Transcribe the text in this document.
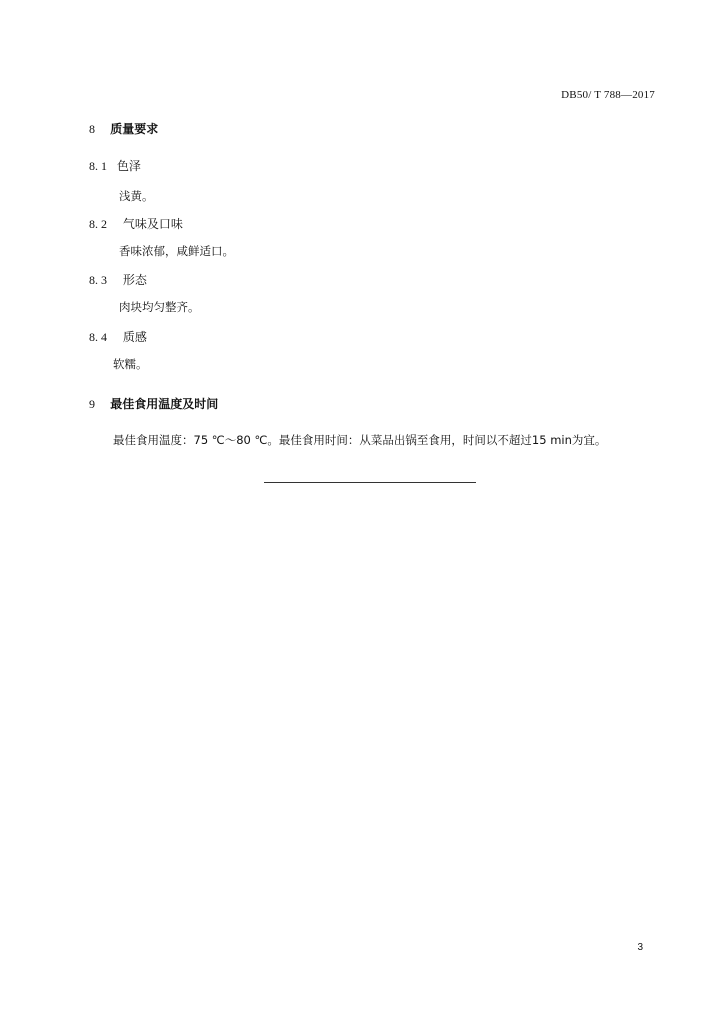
DB50/ T 788—2017
8 质量要求
8. 1 色泽
浅黄。
8. 2 气味及口味
香味浓郁，咸鲜适口。
8. 3 形态
肉块均匀整齐。
8. 4 质感
软糯。
9 最佳食用温度及时间
最佳食用温度：75 ℃～80 ℃。最佳食用时间：从菜品出锅至食用，时间以不超过15 min为宜。
3
